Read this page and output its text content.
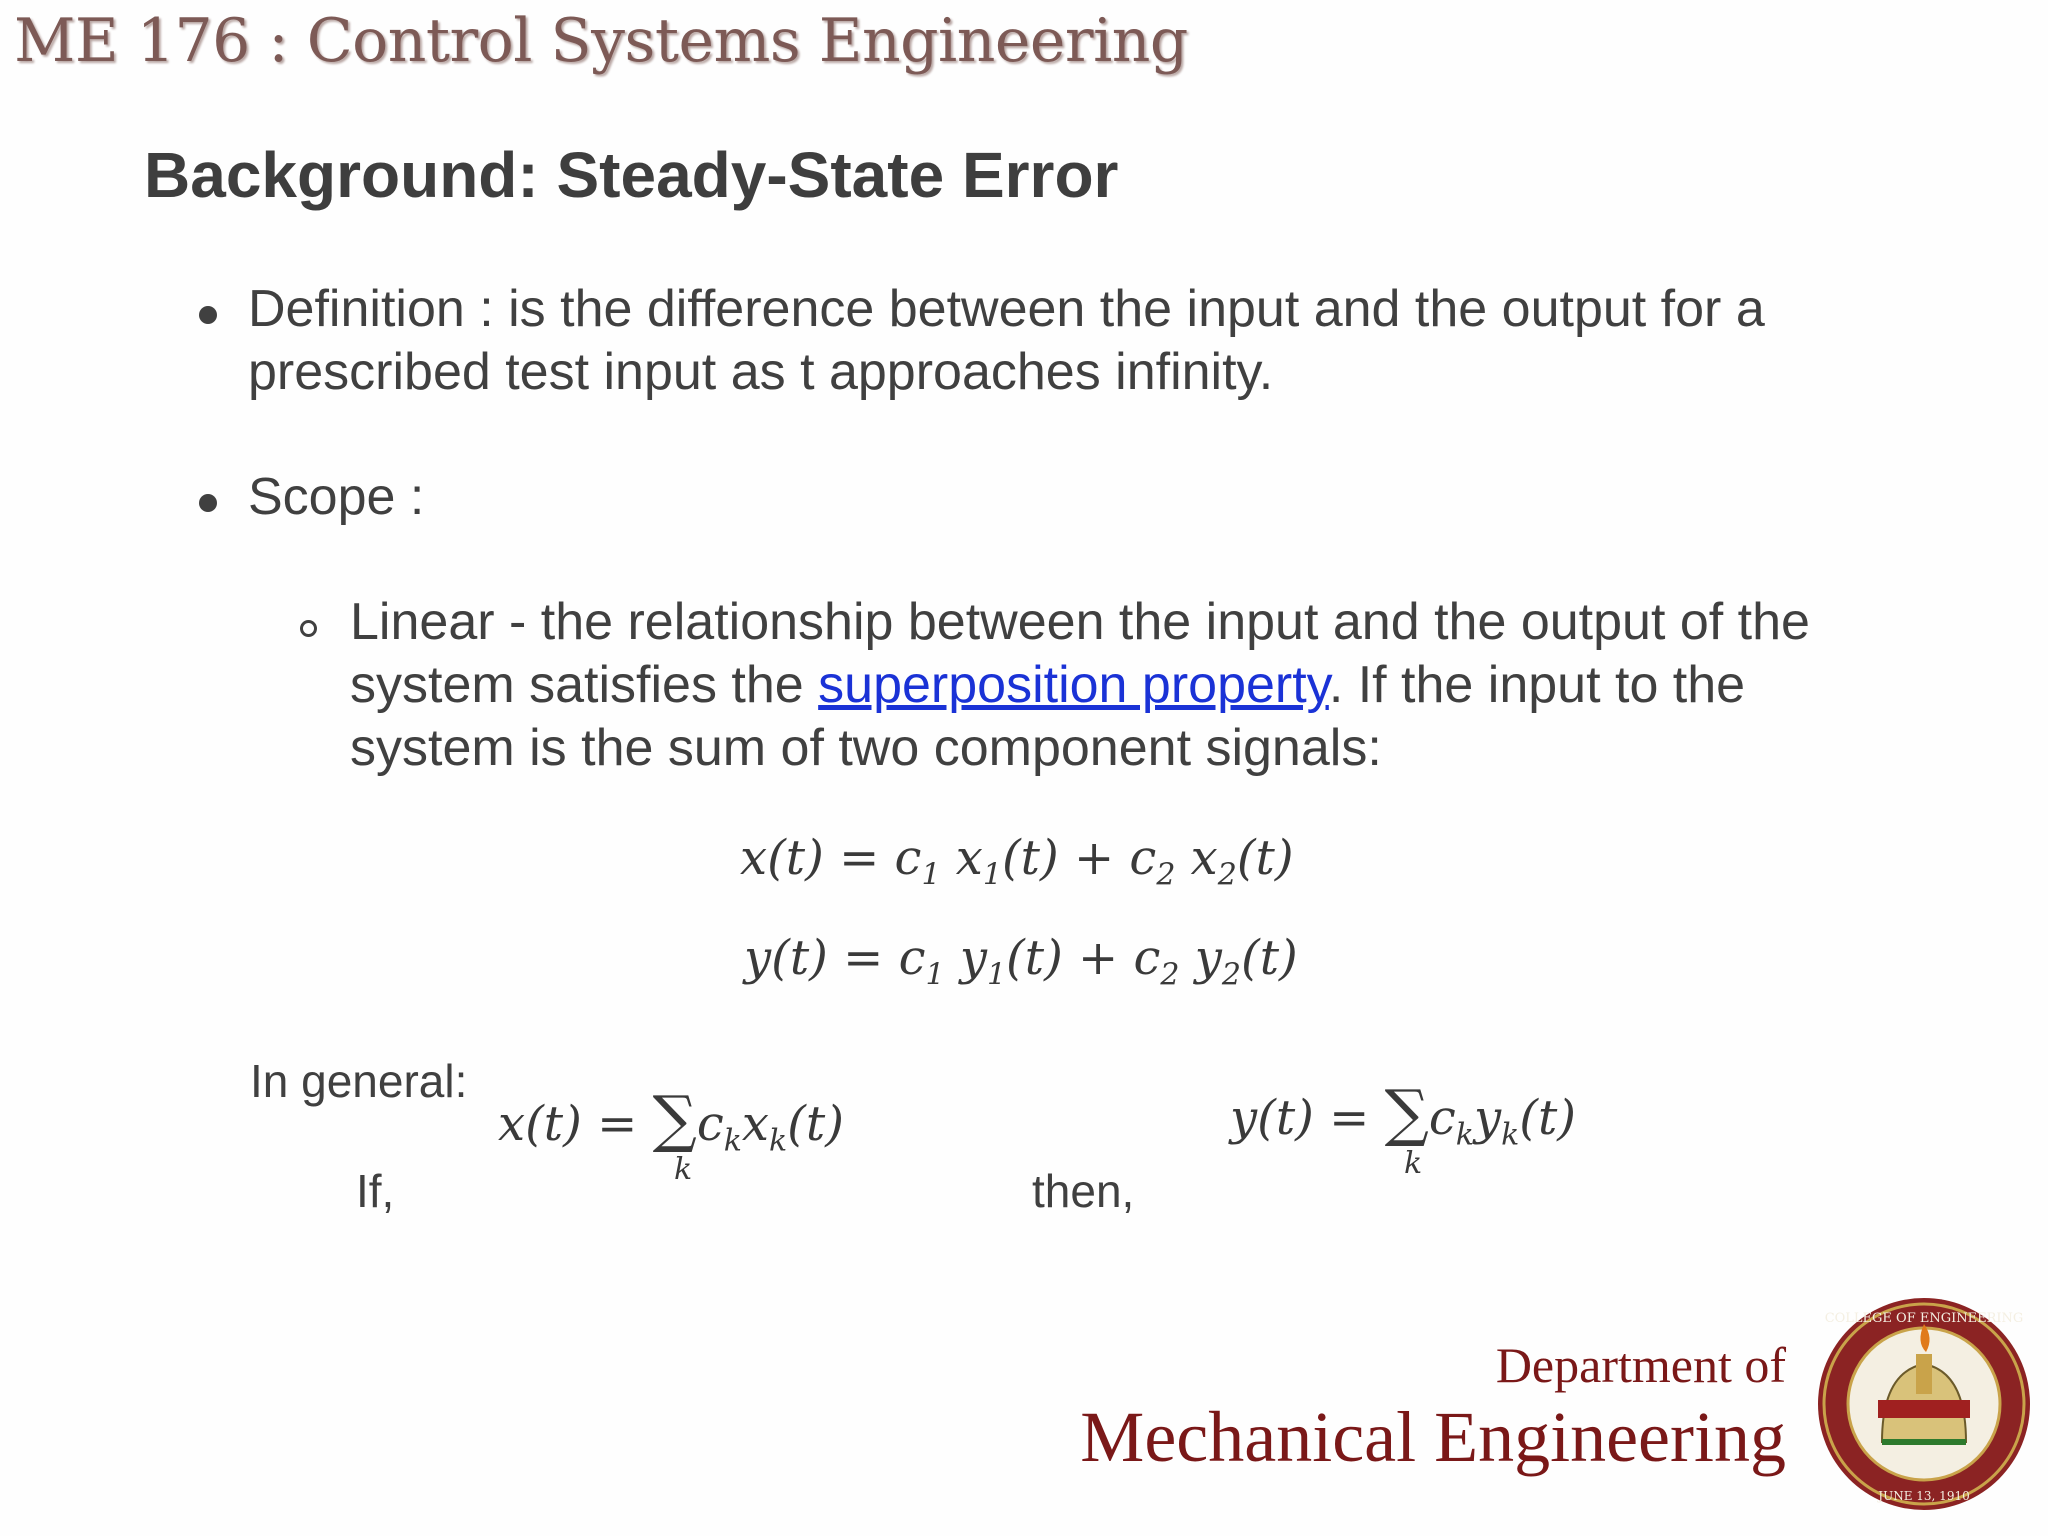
ME 176 : Control Systems Engineering
Background: Steady-State Error
Definition : is the difference between the input and the output for a
prescribed test input as t approaches infinity.
Scope :
Linear - the relationship between the input and the output of the
system satisfies the superposition property. If the input to the
system is the sum of two component signals:
$x(t) = c_1$ $x_1(t) + c_2$ $x_2(t)$
$y(t) = c_1$ $y_1(t) + c_2$ $y_2(t)$
In general:
$x(t) = \sum c_kx_k(t)$
k
$y(t) = \sum c_ky_k(t)$
k
If,	then,
Department of
Mechanical Engineering
COLLEGE OF ENGINEERING
JUNE 13, 1910
